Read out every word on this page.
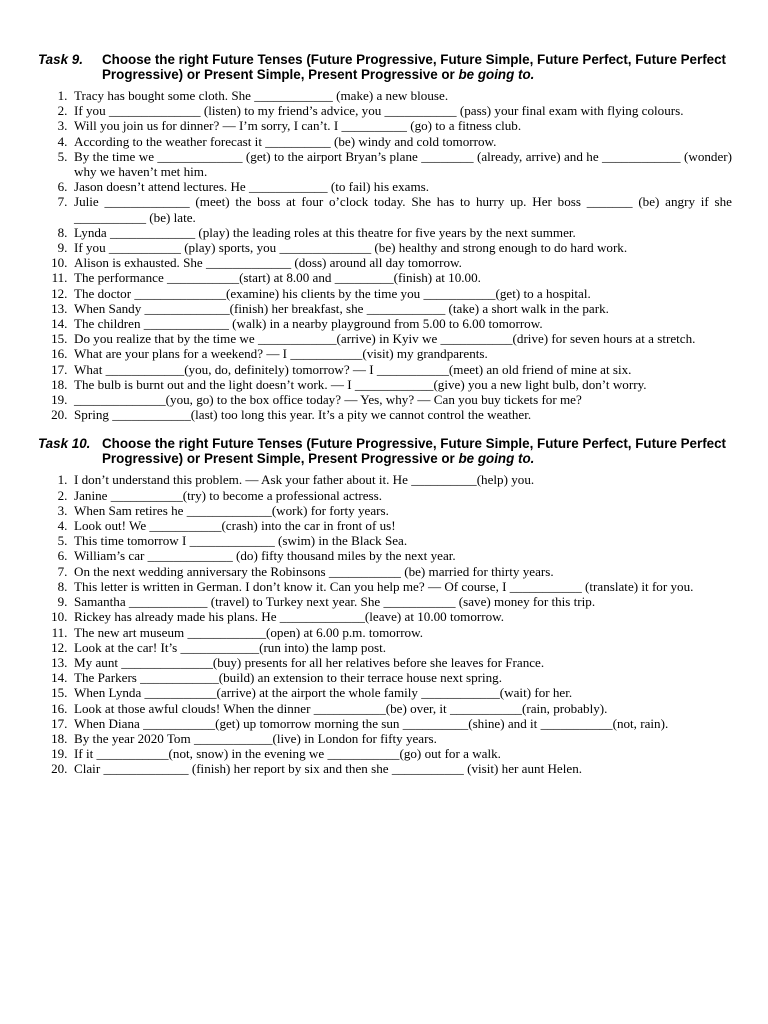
Task 9.	Choose the right Future Tenses (Future Progressive, Future Simple, Future Perfect, Future Perfect Progressive) or Present Simple, Present Progressive or be going to.
1. Tracy has bought some cloth. She ____________ (make) a new blouse.
2. If you ______________ (listen) to my friend’s advice, you ___________ (pass) your final exam with flying colours.
3. Will you join us for dinner? — I’m sorry, I can’t. I __________ (go) to a fitness club.
4. According to the weather forecast it __________ (be) windy and cold tomorrow.
5. By the time we _____________ (get) to the airport Bryan’s plane ________ (already, arrive) and he ____________ (wonder) why we haven’t met him.
6. Jason doesn’t attend lectures. He ____________ (to fail) his exams.
7. Julie _____________ (meet) the boss at four o’clock today. She has to hurry up. Her boss _______ (be) angry if she ___________ (be) late.
8. Lynda _____________ (play) the leading roles at this theatre for five years by the next summer.
9. If you ___________ (play) sports, you ______________ (be) healthy and strong enough to do hard work.
10. Alison is exhausted. She _____________ (doss) around all day tomorrow.
11. The performance ___________(start) at 8.00 and _________(finish) at 10.00.
12. The doctor ______________(examine) his clients by the time you ___________(get) to a hospital.
13. When Sandy _____________(finish) her breakfast, she ____________ (take) a short walk in the park.
14. The children _____________ (walk) in a nearby playground from 5.00 to 6.00 tomorrow.
15. Do you realize that by the time we ____________(arrive) in Kyiv we ___________(drive) for seven hours at a stretch.
16. What are your plans for a weekend? — I ___________(visit) my grandparents.
17. What ____________(you, do, definitely) tomorrow? — I ___________(meet) an old friend of mine at six.
18. The bulb is burnt out and the light doesn’t work. — I ____________(give) you a new light bulb, don’t worry.
19. ______________(you, go) to the box office today? — Yes, why? — Can you buy tickets for me?
20. Spring ____________(last) too long this year. It’s a pity we cannot control the weather.
Task 10. Choose the right Future Tenses (Future Progressive, Future Simple, Future Perfect, Future Perfect Progressive) or Present Simple, Present Progressive or be going to.
1. I don’t understand this problem. — Ask your father about it. He __________(help) you.
2. Janine ___________(try) to become a professional actress.
3. When Sam retires he _____________(work) for forty years.
4. Look out! We ___________(crash) into the car in front of us!
5. This time tomorrow I _____________ (swim) in the Black Sea.
6. William’s car _____________ (do) fifty thousand miles by the next year.
7. On the next wedding anniversary the Robinsons ___________ (be) married for thirty years.
8. This letter is written in German. I don’t know it. Can you help me? — Of course, I ___________ (translate) it for you.
9. Samantha ____________ (travel) to Turkey next year. She ___________ (save) money for this trip.
10. Rickey has already made his plans. He _____________(leave) at 10.00 tomorrow.
11. The new art museum ____________(open) at 6.00 p.m. tomorrow.
12. Look at the car! It’s ____________(run into) the lamp post.
13. My aunt ______________(buy) presents for all her relatives before she leaves for France.
14. The Parkers ____________(build) an extension to their terrace house next spring.
15. When Lynda ___________(arrive) at the airport the whole family ____________(wait) for her.
16. Look at those awful clouds! When the dinner ___________(be) over, it ___________(rain, probably).
17. When Diana ___________(get) up tomorrow morning the sun __________(shine) and it ___________(not, rain).
18. By the year 2020 Tom ____________(live) in London for fifty years.
19. If it ___________(not, snow) in the evening we ___________(go) out for a walk.
20. Clair _____________ (finish) her report by six and then she ___________ (visit) her aunt Helen.
